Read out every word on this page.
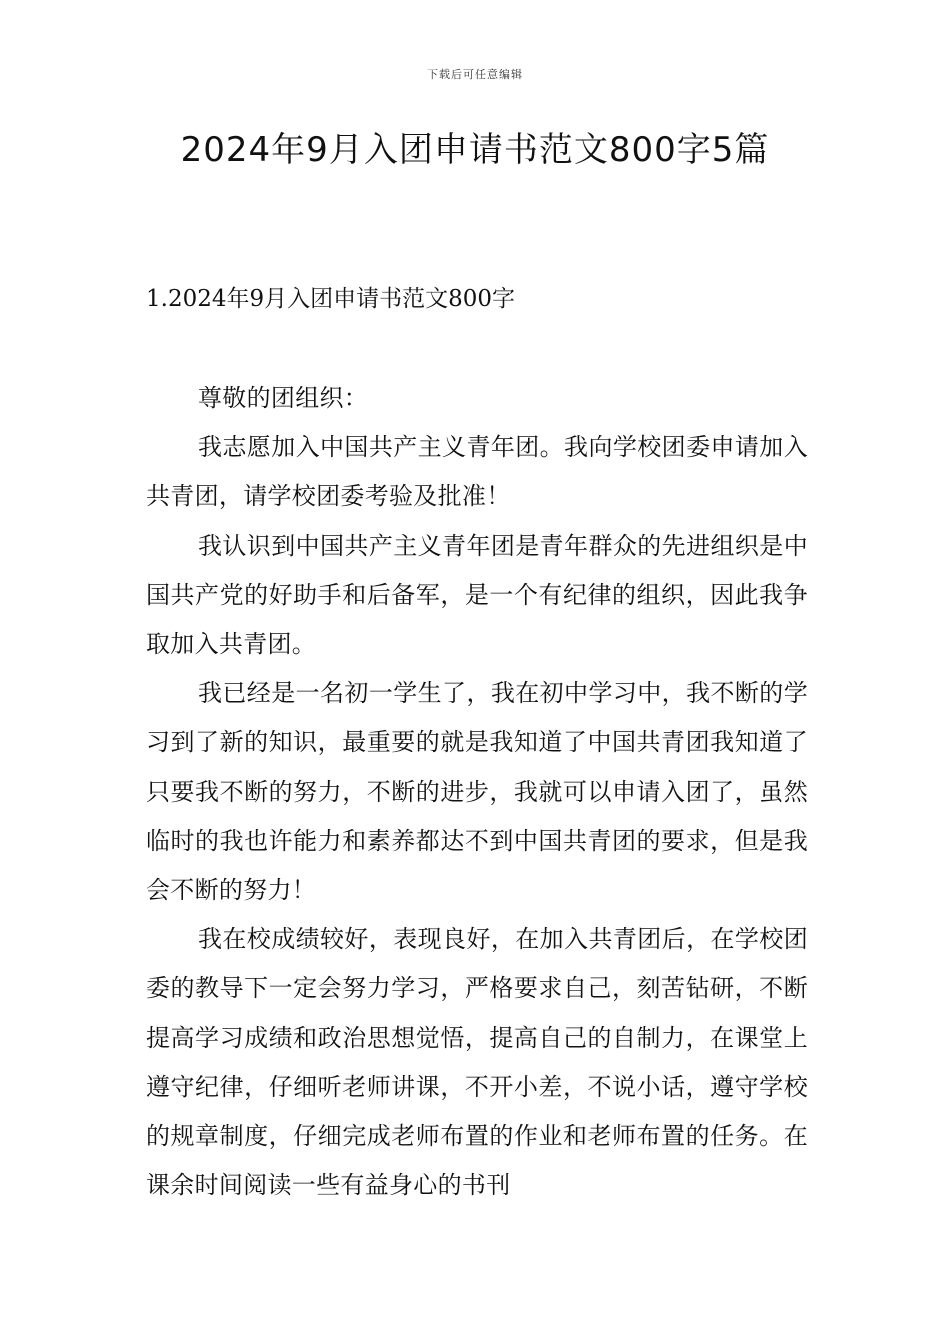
下载后可任意编辑
2024年9月入团申请书范文800字5篇

1.2024年9月入团申请书范文800字

尊敬的团组织：

我志愿加入中国共产主义青年团。我向学校团委申请加入共青团，请学校团委考验及批准！

我认识到中国共产主义青年团是青年群众的先进组织是中国共产党的好助手和后备军，是一个有纪律的组织，因此我争取加入共青团。

我已经是一名初一学生了，我在初中学习中，我不断的学习到了新的知识，最重要的就是我知道了中国共青团我知道了只要我不断的努力，不断的进步，我就可以申请入团了，虽然临时的我也许能力和素养都达不到中国共青团的要求，但是我会不断的努力！

我在校成绩较好，表现良好，在加入共青团后，在学校团委的教导下一定会努力学习，严格要求自己，刻苦钻研，不断提高学习成绩和政治思想觉悟，提高自己的自制力，在课堂上遵守纪律，仔细听老师讲课，不开小差，不说小话，遵守学校的规章制度，仔细完成老师布置的作业和老师布置的任务。在课余时间阅读一些有益身心的书刊
